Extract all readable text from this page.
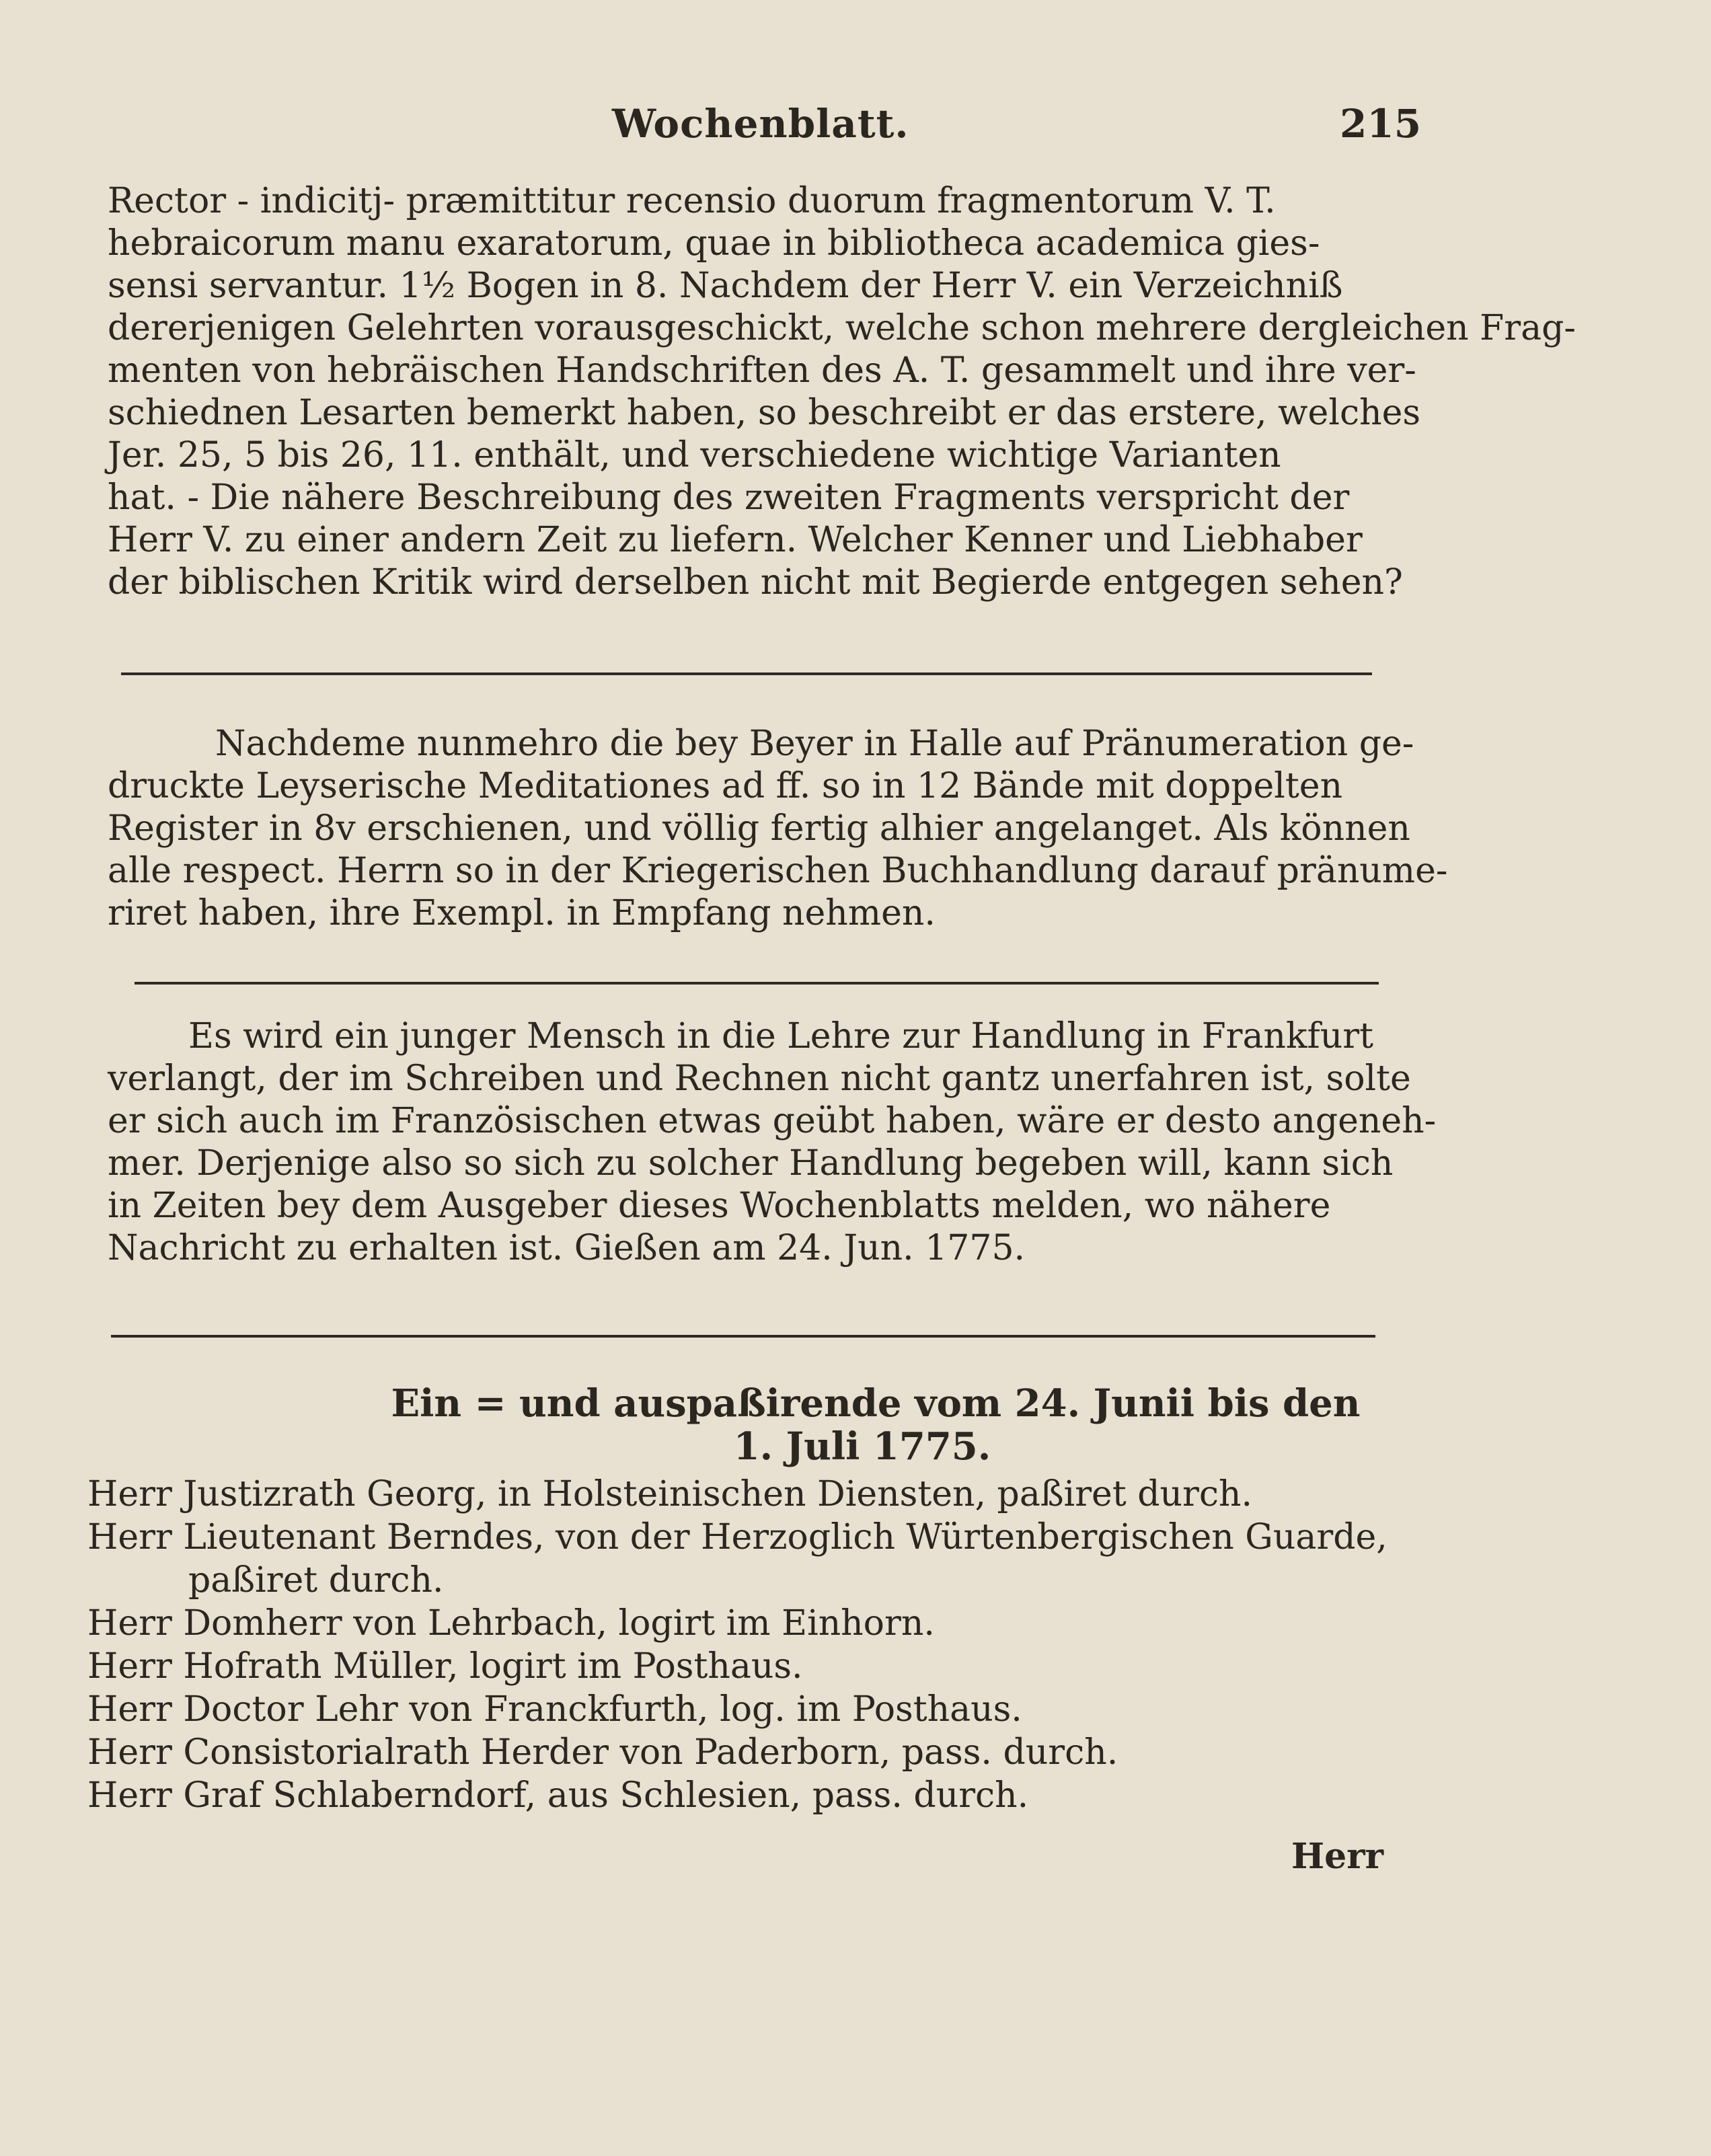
Wochenblatt.	215
Rector - indicitj- præmittitur recensio duorum fragmentorum V. T.
hebraicorum manu exaratorum, quae in bibliotheca academica gies-
sensi servantur. 1½ Bogen in 8. Nachdem der Herr V. ein Verzeichniß
dererjenigen Gelehrten vorausgeschickt, welche schon mehrere dergleichen Frag-
menten von hebräischen Handschriften des A. T. gesammelt und ihre ver-
schiednen Lesarten bemerkt haben, so beschreibt er das erstere, welches
Jer. 25, 5 bis 26, 11. enthält, und verschiedene wichtige Varianten
hat. - Die nähere Beschreibung des zweiten Fragments verspricht der
Herr V. zu einer andern Zeit zu liefern. Welcher Kenner und Liebhaber
der biblischen Kritik wird derselben nicht mit Begierde entgegen sehen?
Nachdeme nunmehro die bey Beyer in Halle auf Pränumeration ge-
druckte Leyserische Meditationes ad ff. so in 12 Bände mit doppelten
Register in 8v erschienen, und völlig fertig alhier angelanget. Als können
alle respect. Herrn so in der Kriegerischen Buchhandlung darauf pränume-
riret haben, ihre Exempl. in Empfang nehmen.
Es wird ein junger Mensch in die Lehre zur Handlung in Frankfurt
verlangt, der im Schreiben und Rechnen nicht gantz unerfahren ist, solte
er sich auch im Französischen etwas geübt haben, wäre er desto angeneh-
mer. Derjenige also so sich zu solcher Handlung begeben will, kann sich
in Zeiten bey dem Ausgeber dieses Wochenblatts melden, wo nähere
Nachricht zu erhalten ist. Gießen am 24. Jun. 1775.
Ein = und auspaßirende vom 24. Junii bis den
1. Juli 1775.
Herr Justizrath Georg, in Holsteinischen Diensten, paßiret durch.
Herr Lieutenant Berndes, von der Herzoglich Würtenbergischen Guarde,
paßiret durch.
Herr Domherr von Lehrbach, logirt im Einhorn.
Herr Hofrath Müller, logirt im Posthaus.
Herr Doctor Lehr von Franckfurth, log. im Posthaus.
Herr Consistorialrath Herder von Paderborn, pass. durch.
Herr Graf Schlaberndorf, aus Schlesien, pass. durch.
Herr
